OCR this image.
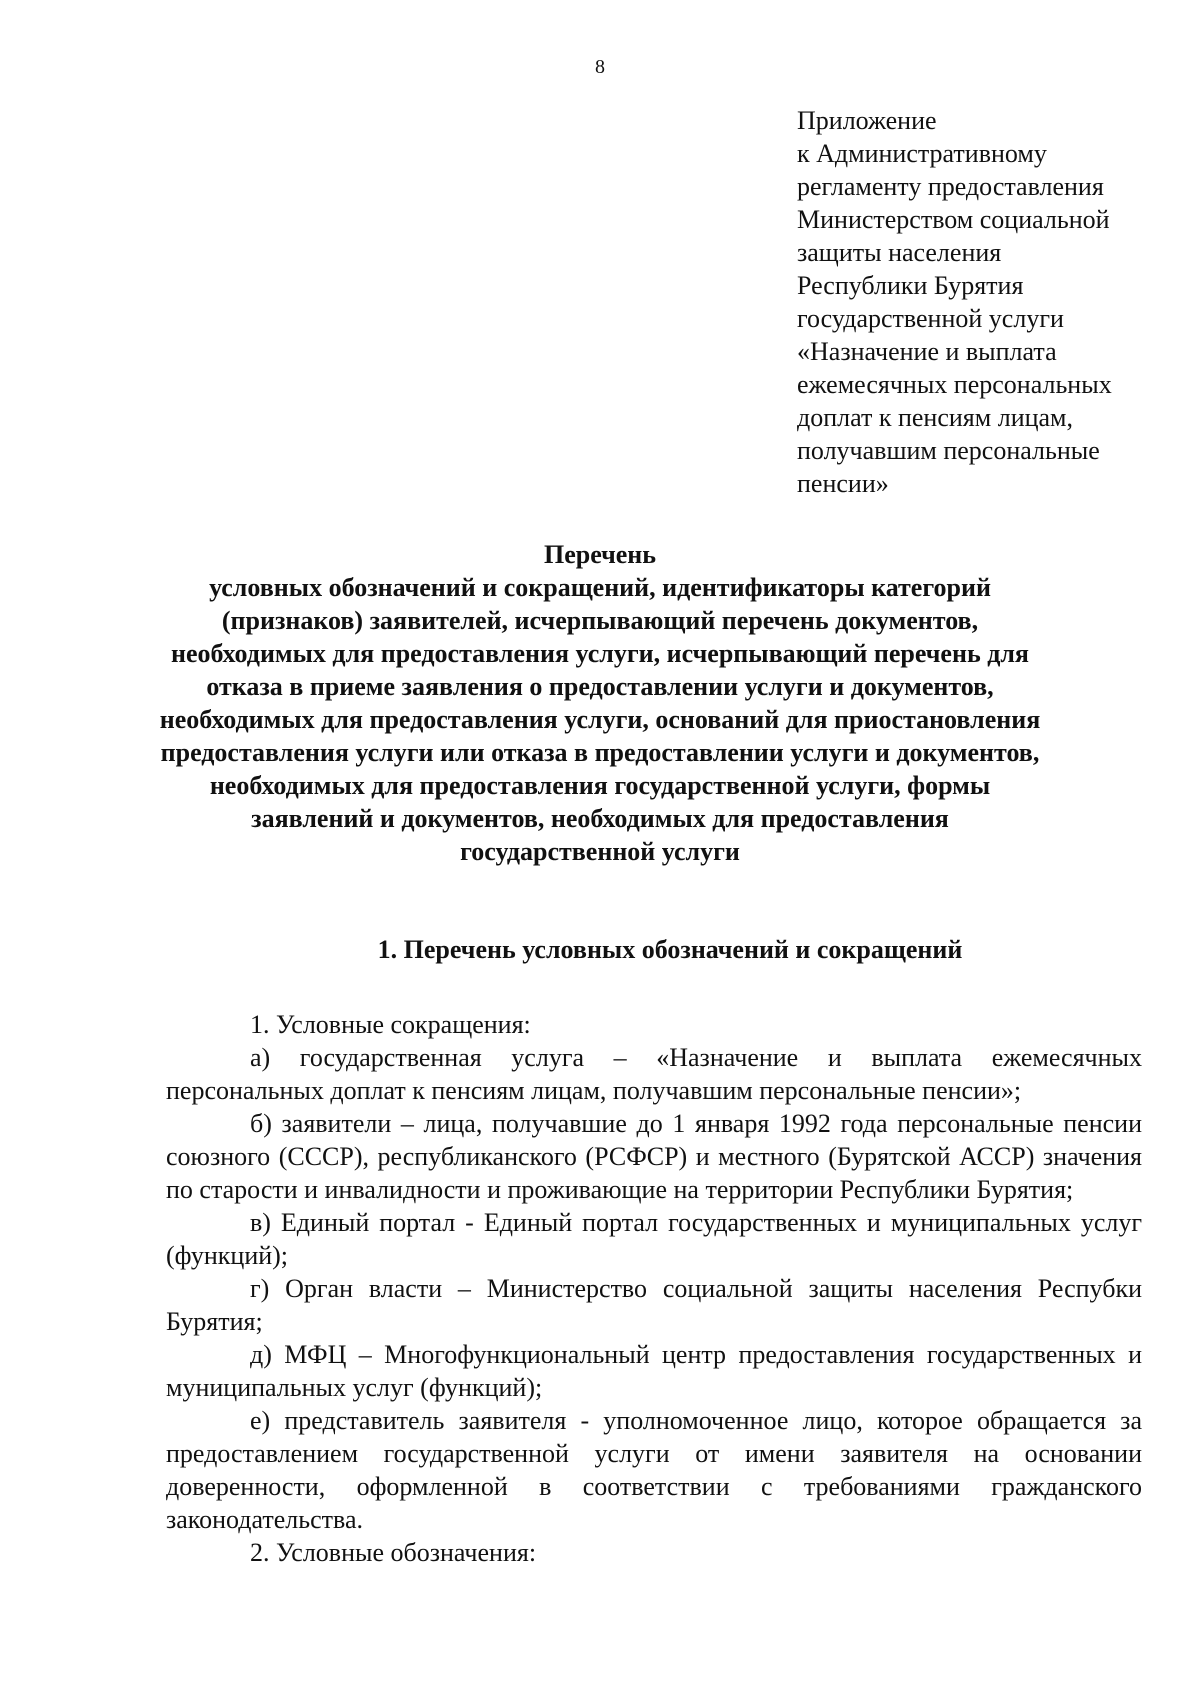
8
Приложение
к Административному
регламенту предоставления
Министерством социальной
защиты населения
Республики Бурятия
государственной услуги
«Назначение и выплата
ежемесячных персональных
доплат к пенсиям лицам,
получавшим персональные
пенсии»
Перечень
условных обозначений и сокращений, идентификаторы категорий
(признаков) заявителей, исчерпывающий перечень документов,
необходимых для предоставления услуги, исчерпывающий перечень для
отказа в приеме заявления о предоставлении услуги и документов,
необходимых для предоставления услуги, оснований для приостановления
предоставления услуги или отказа в предоставлении услуги и документов,
необходимых для предоставления государственной услуги, формы
заявлений и документов, необходимых для предоставления
государственной услуги
1. Перечень условных обозначений и сокращений

1. Условные сокращения:

а) государственная услуга – «Назначение и выплата ежемесячных персональных доплат к пенсиям лицам, получавшим персональные пенсии»;

б) заявители – лица, получавшие до 1 января 1992 года персональные пенсии союзного (СССР), республиканского (РСФСР) и местного (Бурятской АССР) значения по старости и инвалидности и проживающие на территории Республики Бурятия;

в) Единый портал - Единый портал государственных и муниципальных услуг (функций);

г) Орган власти – Министерство социальной защиты населения Респубки Бурятия;

д) МФЦ – Многофункциональный центр предоставления государственных и муниципальных услуг (функций);

е) представитель заявителя - уполномоченное лицо, которое обращается за предоставлением государственной услуги от имени заявителя на основании доверенности, оформленной в соответствии с требованиями гражданского законодательства.

2. Условные обозначения:
